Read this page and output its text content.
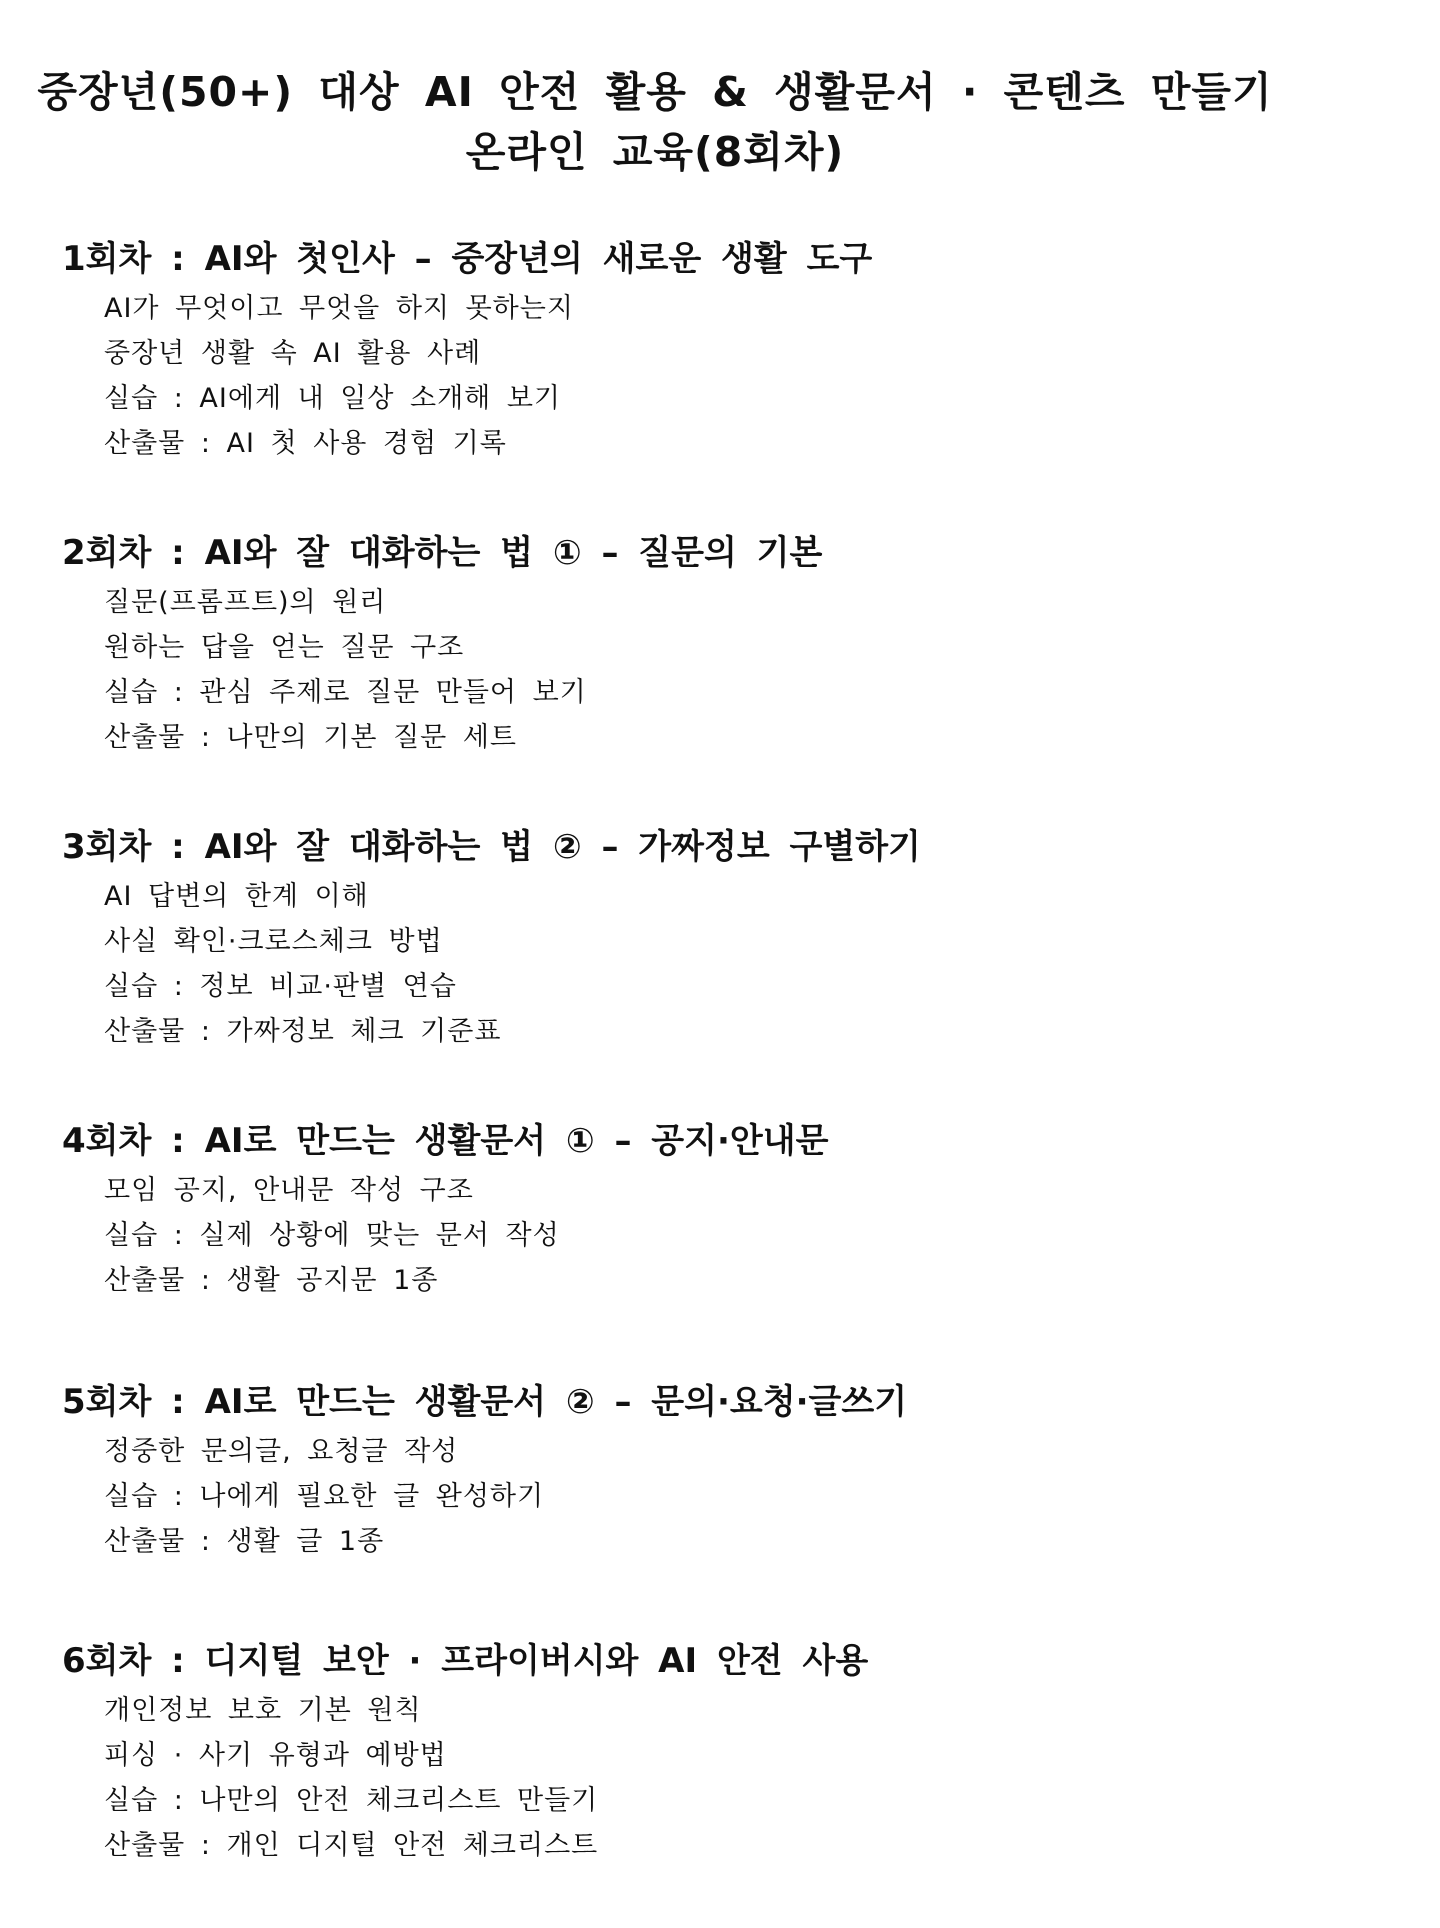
중장년(50+) 대상 AI 안전 활용 & 생활문서 · 콘텐츠 만들기
온라인 교육(8회차)
1회차 : AI와 첫인사 – 중장년의 새로운 생활 도구
AI가 무엇이고 무엇을 하지 못하는지
중장년 생활 속 AI 활용 사례
실습 : AI에게 내 일상 소개해 보기
산출물 : AI 첫 사용 경험 기록
2회차 : AI와 잘 대화하는 법 ① – 질문의 기본
질문(프롬프트)의 원리
원하는 답을 얻는 질문 구조
실습 : 관심 주제로 질문 만들어 보기
산출물 : 나만의 기본 질문 세트
3회차 : AI와 잘 대화하는 법 ② – 가짜정보 구별하기
AI 답변의 한계 이해
사실 확인·크로스체크 방법
실습 : 정보 비교·판별 연습
산출물 : 가짜정보 체크 기준표
4회차 : AI로 만드는 생활문서 ① – 공지·안내문
모임 공지, 안내문 작성 구조
실습 : 실제 상황에 맞는 문서 작성
산출물 : 생활 공지문 1종
5회차 : AI로 만드는 생활문서 ② – 문의·요청·글쓰기
정중한 문의글, 요청글 작성
실습 : 나에게 필요한 글 완성하기
산출물 : 생활 글 1종
6회차 : 디지털 보안 · 프라이버시와 AI 안전 사용
개인정보 보호 기본 원칙
피싱 · 사기 유형과 예방법
실습 : 나만의 안전 체크리스트 만들기
산출물 : 개인 디지털 안전 체크리스트
